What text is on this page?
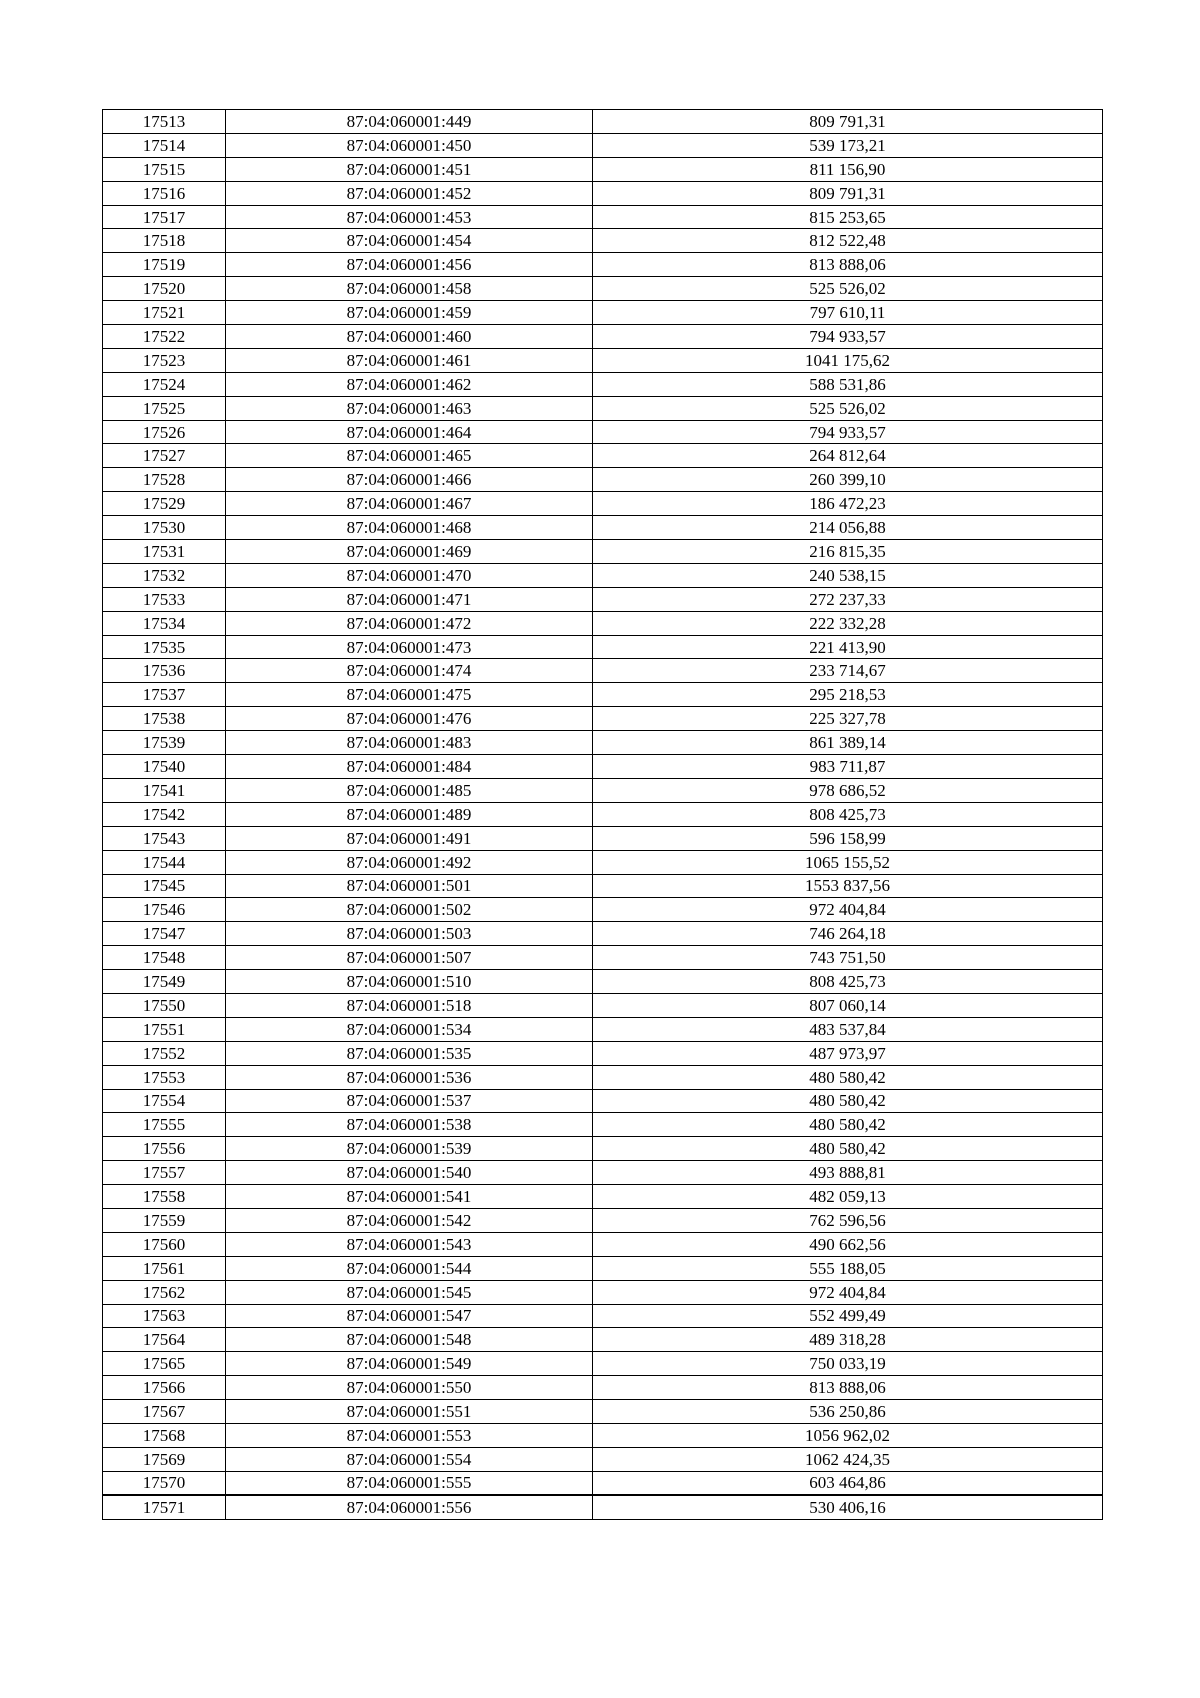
17513	87:04:060001:449	809 791,31
17514	87:04:060001:450	539 173,21
17515	87:04:060001:451	811 156,90
17516	87:04:060001:452	809 791,31
17517	87:04:060001:453	815 253,65
17518	87:04:060001:454	812 522,48
17519	87:04:060001:456	813 888,06
17520	87:04:060001:458	525 526,02
17521	87:04:060001:459	797 610,11
17522	87:04:060001:460	794 933,57
17523	87:04:060001:461	1041 175,62
17524	87:04:060001:462	588 531,86
17525	87:04:060001:463	525 526,02
17526	87:04:060001:464	794 933,57
17527	87:04:060001:465	264 812,64
17528	87:04:060001:466	260 399,10
17529	87:04:060001:467	186 472,23
17530	87:04:060001:468	214 056,88
17531	87:04:060001:469	216 815,35
17532	87:04:060001:470	240 538,15
17533	87:04:060001:471	272 237,33
17534	87:04:060001:472	222 332,28
17535	87:04:060001:473	221 413,90
17536	87:04:060001:474	233 714,67
17537	87:04:060001:475	295 218,53
17538	87:04:060001:476	225 327,78
17539	87:04:060001:483	861 389,14
17540	87:04:060001:484	983 711,87
17541	87:04:060001:485	978 686,52
17542	87:04:060001:489	808 425,73
17543	87:04:060001:491	596 158,99
17544	87:04:060001:492	1065 155,52
17545	87:04:060001:501	1553 837,56
17546	87:04:060001:502	972 404,84
17547	87:04:060001:503	746 264,18
17548	87:04:060001:507	743 751,50
17549	87:04:060001:510	808 425,73
17550	87:04:060001:518	807 060,14
17551	87:04:060001:534	483 537,84
17552	87:04:060001:535	487 973,97
17553	87:04:060001:536	480 580,42
17554	87:04:060001:537	480 580,42
17555	87:04:060001:538	480 580,42
17556	87:04:060001:539	480 580,42
17557	87:04:060001:540	493 888,81
17558	87:04:060001:541	482 059,13
17559	87:04:060001:542	762 596,56
17560	87:04:060001:543	490 662,56
17561	87:04:060001:544	555 188,05
17562	87:04:060001:545	972 404,84
17563	87:04:060001:547	552 499,49
17564	87:04:060001:548	489 318,28
17565	87:04:060001:549	750 033,19
17566	87:04:060001:550	813 888,06
17567	87:04:060001:551	536 250,86
17568	87:04:060001:553	1056 962,02
17569	87:04:060001:554	1062 424,35
17570	87:04:060001:555	603 464,86
17571	87:04:060001:556	530 406,16
